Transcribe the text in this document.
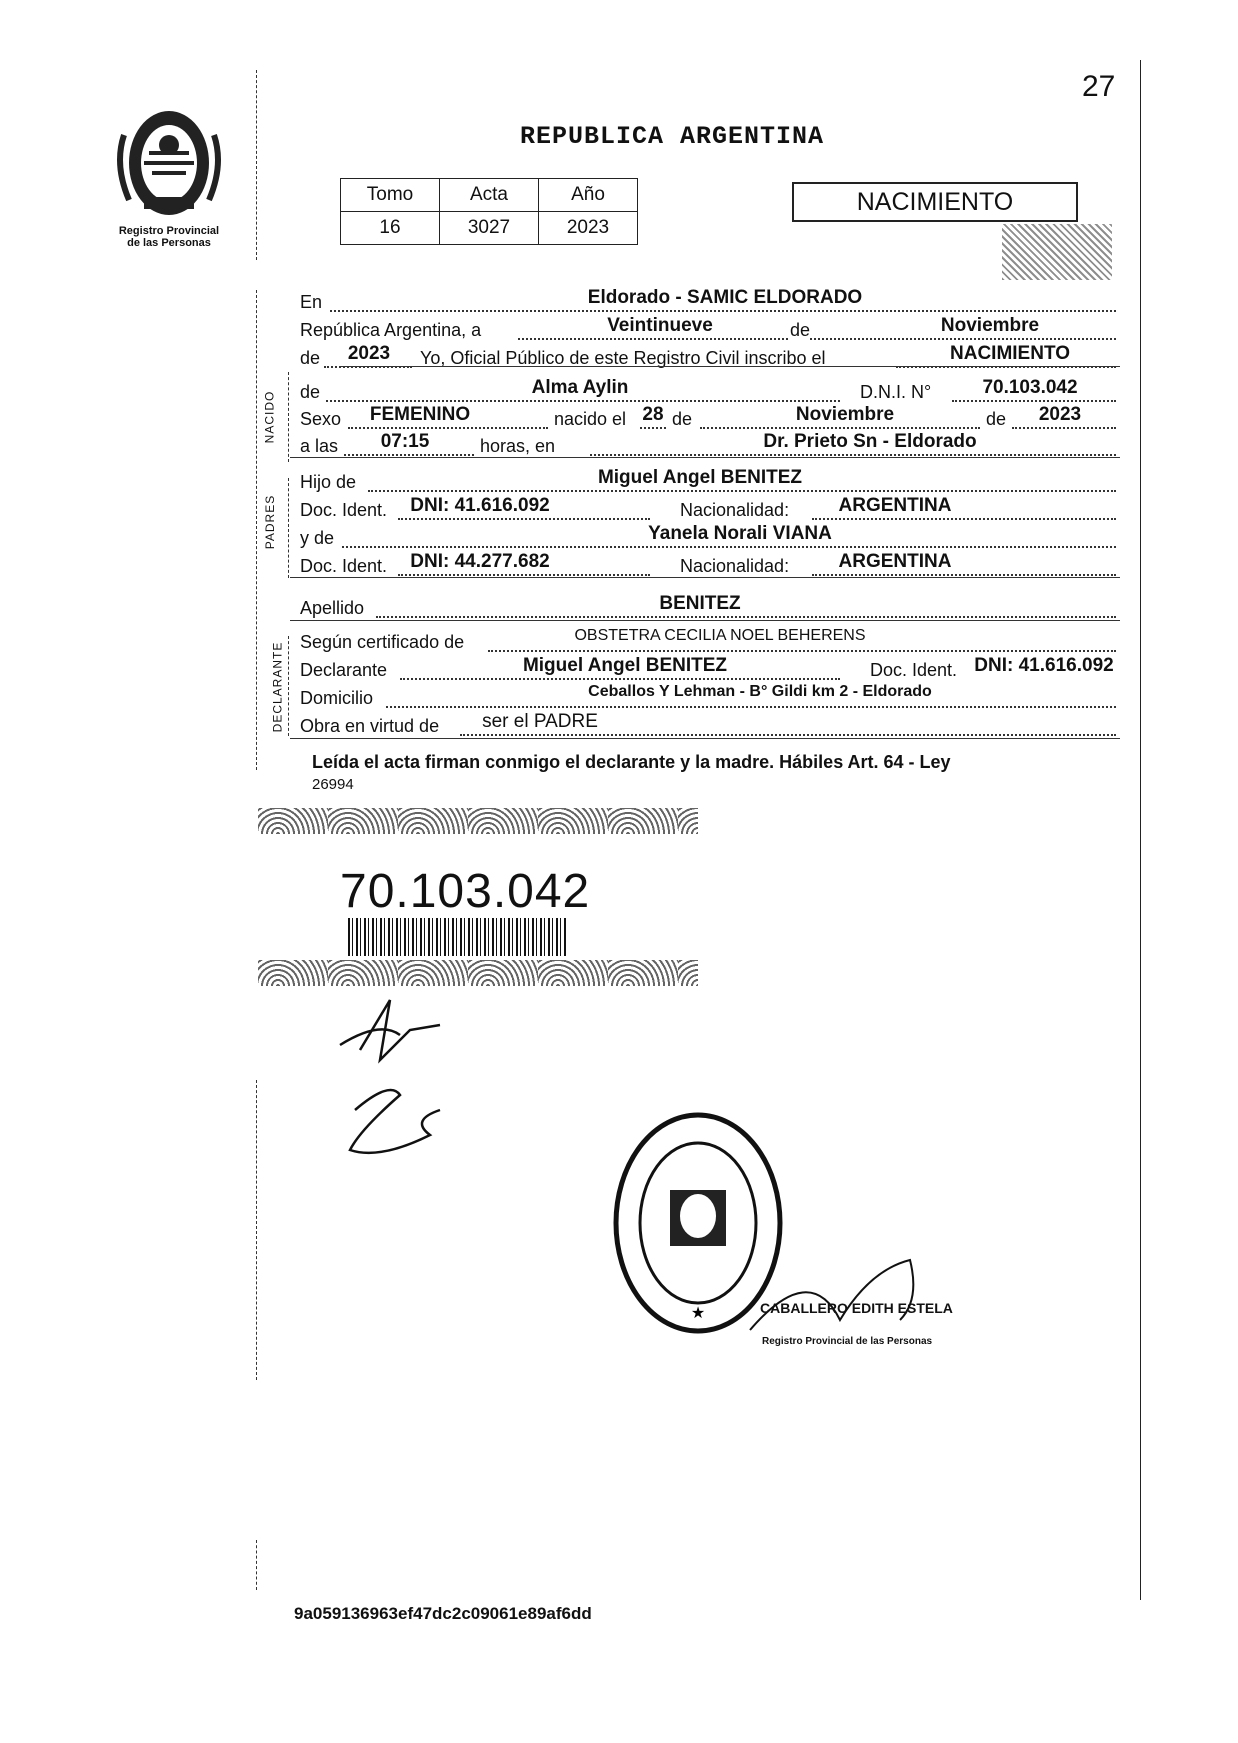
27
Registro Provincial
de las Personas
REPUBLICA ARGENTINA
Tomo	Acta	Año
16	3027	2023
NACIMIENTO
NACIDO
PADRES
DECLARANTE
En	Eldorado - SAMIC ELDORADO
República Argentina, a	Veintinueve	de	Noviembre
de	2023	Yo, Oficial Público de este Registro Civil inscribo el	NACIMIENTO
de	Alma Aylin	D.N.I. N°	70.103.042
Sexo	FEMENINO	nacido el 28 de	Noviembre	de	2023
a las	07:15	horas, en	Dr. Prieto Sn - Eldorado
Hijo de	Miguel Angel BENITEZ
Doc. Ident.	DNI: 41.616.092	Nacionalidad:	ARGENTINA
y de	Yanela Norali VIANA
Doc. Ident.	DNI: 44.277.682	Nacionalidad:	ARGENTINA
Apellido	BENITEZ
Según certificado de	OBSTETRA CECILIA NOEL BEHERENS
Declarante	Miguel Angel BENITEZ	Doc. Ident. DNI: 41.616.092
Domicilio	Ceballos Y Lehman - B° Gildi km 2 - Eldorado
Obra en virtud de	ser el PADRE
Leída el acta firman conmigo el declarante y la madre. Hábiles Art. 64 - Ley
26994
70.103.042
★	CABALLERO EDITH ESTELA
Registro Provincial de las Personas
9a059136963ef47dc2c09061e89af6dd
